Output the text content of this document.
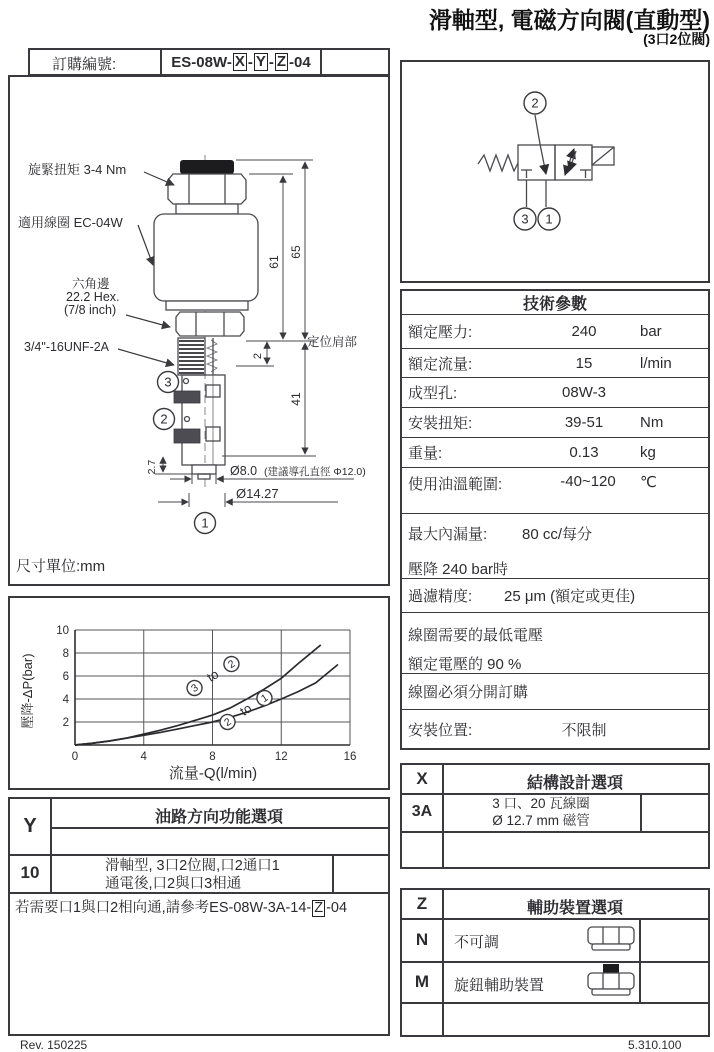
滑軸型, 電磁方向閥(直動型)
(3口2位閥)
訂購編號:	ES-08W- X - Y - Z -04
旋緊扭矩 3-4 Nm
適用線圈 EC-04W
六角邊
22.2 Hex.
(7/8 inch)
3/4"-16UNF-2A	定位肩部
61
65
2
41
2.7	Ø8.0 (建議導孔直徑 Φ12.0)
Ø14.27
3
2
1
尺寸單位:mm
0	4	8	12	16
2
4
6
8
10
3
to
2
2
to
1
流量-Q(l/min)
壓降-ΔP(bar)
2
3 1
技術參數
額定壓力:	240	bar
額定流量:	15	l/min
成型孔:	08W-3
安裝扭矩:	39-51	Nm
重量:	0.13	kg
使用油溫範圍:	-40~120	℃
最大內漏量: 80 cc/每分
壓降 240 bar時
過濾精度:	25 μm (額定或更佳)
線圈需要的最低電壓
額定電壓的 90 %
線圈必須分開訂購
安裝位置:	不限制
Y	油路方向功能選項
10	滑軸型, 3口2位閥,口2通口1
通電後,口2與口3相通
若需要口1與口2相向通,請參考ES-08W-3A-14- Z -04
X	結構設計選項
3A	3 口、20 瓦線圈
Ø 12.7 mm 磁管
Z	輔助裝置選項
N	不可調
M	旋鈕輔助裝置
Rev. 150225	5.310.100
